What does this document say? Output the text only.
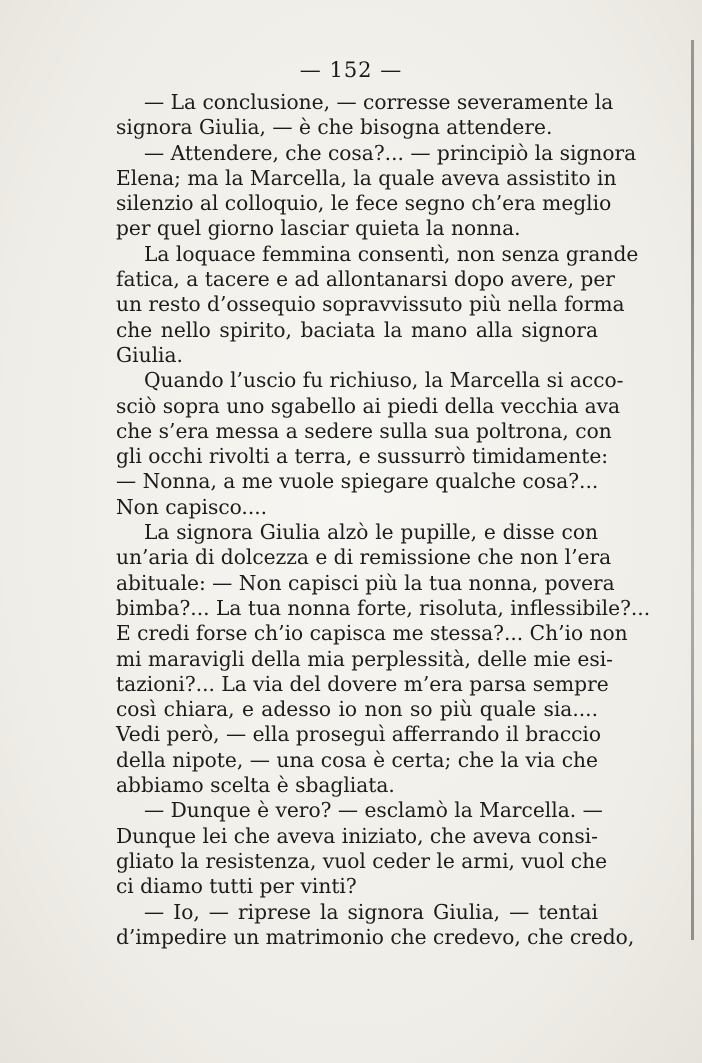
— 152 —
— La conclusione, — corresse severamente la
signora Giulia, — è che bisogna attendere.
— Attendere, che cosa?... — principiò la signora
Elena; ma la Marcella, la quale aveva assistito in
silenzio al colloquio, le fece segno ch’era meglio
per quel giorno lasciar quieta la nonna.
La loquace femmina consentì, non senza grande
fatica, a tacere e ad allontanarsi dopo avere, per
un resto d’ossequio sopravvissuto più nella forma
che nello spirito, baciata la mano alla signora
Giulia.
Quando l’uscio fu richiuso, la Marcella si acco-
sciò sopra uno sgabello ai piedi della vecchia ava
che s’era messa a sedere sulla sua poltrona, con
gli occhi rivolti a terra, e sussurrò timidamente:
— Nonna, a me vuole spiegare qualche cosa?...
Non capisco....
La signora Giulia alzò le pupille, e disse con
un’aria di dolcezza e di remissione che non l’era
abituale: — Non capisci più la tua nonna, povera
bimba?... La tua nonna forte, risoluta, inflessibile?...
E credi forse ch’io capisca me stessa?... Ch’io non
mi maravigli della mia perplessità, delle mie esi-
tazioni?... La via del dovere m’era parsa sempre
così chiara, e adesso io non so più quale sia....
Vedi però, — ella proseguì afferrando il braccio
della nipote, — una cosa è certa; che la via che
abbiamo scelta è sbagliata.
— Dunque è vero? — esclamò la Marcella. —
Dunque lei che aveva iniziato, che aveva consi-
gliato la resistenza, vuol ceder le armi, vuol che
ci diamo tutti per vinti?
— Io, — riprese la signora Giulia, — tentai
d’impedire un matrimonio che credevo, che credo,
